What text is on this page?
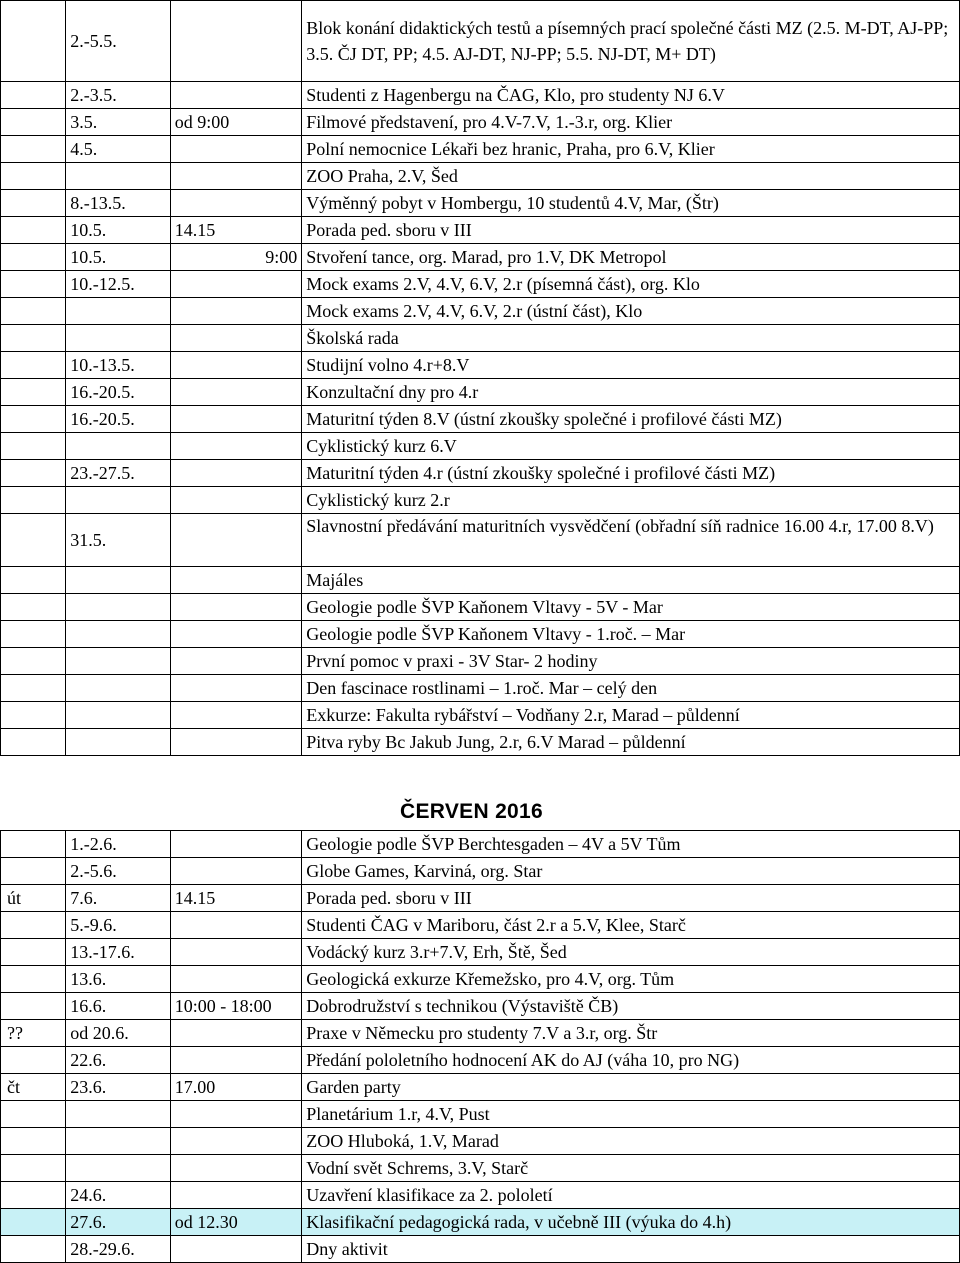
	2.-5.5.		Blok konání didaktických testů a písemných prací společné části MZ (2.5. M-DT, AJ-PP; 3.5. ČJ DT, PP; 4.5. AJ-DT, NJ-PP; 5.5. NJ-DT, M+ DT)
	2.-3.5.		Studenti z Hagenbergu na ČAG, Klo, pro studenty NJ 6.V
	3.5.	od 9:00	Filmové představení, pro 4.V-7.V, 1.-3.r, org. Klier
	4.5.		Polní nemocnice Lékaři bez hranic, Praha, pro 6.V, Klier
			ZOO Praha, 2.V, Šed
	8.-13.5.		Výměnný pobyt v Hombergu, 10 studentů 4.V, Mar, (Štr)
	10.5.	14.15	Porada ped. sboru v III
	10.5.	9:00	Stvoření tance, org. Marad, pro 1.V, DK Metropol
	10.-12.5.		Mock exams 2.V, 4.V, 6.V, 2.r (písemná část), org. Klo
			Mock exams 2.V, 4.V, 6.V, 2.r (ústní část), Klo
			Školská rada
	10.-13.5.		Studijní volno 4.r+8.V
	16.-20.5.		Konzultační dny pro 4.r
	16.-20.5.		Maturitní týden 8.V (ústní zkoušky společné i profilové části MZ)
			Cyklistický kurz 6.V
	23.-27.5.		Maturitní týden 4.r (ústní zkoušky společné i profilové části MZ)
			Cyklistický kurz 2.r
	31.5.		Slavnostní předávání maturitních vysvědčení (obřadní síň radnice 16.00 4.r, 17.00 8.V)
			Majáles
			Geologie podle ŠVP Kaňonem Vltavy - 5V - Mar
			Geologie podle ŠVP Kaňonem Vltavy - 1.roč. – Mar
			První pomoc v praxi - 3V Star- 2 hodiny
			Den fascinace rostlinami – 1.roč. Mar – celý den
			Exkurze: Fakulta rybářství – Vodňany 2.r, Marad – půldenní
			Pitva ryby Bc Jakub Jung, 2.r, 6.V Marad – půldenní
ČERVEN 2016
	1.-2.6.		Geologie podle ŠVP Berchtesgaden – 4V a 5V Tům
	2.-5.6.		Globe Games, Karviná, org. Star
út	7.6.	14.15	Porada ped. sboru v III
	5.-9.6.		Studenti ČAG v Mariboru, část 2.r a 5.V, Klee, Starč
	13.-17.6.		Vodácký kurz 3.r+7.V, Erh, Ště, Šed
	13.6.		Geologická exkurze Křemežsko, pro 4.V, org. Tům
	16.6.	10:00 - 18:00	Dobrodružství s technikou (Výstaviště ČB)
??	od 20.6.		Praxe v Německu pro studenty 7.V a 3.r, org. Štr
	22.6.		Předání pololetního hodnocení AK do AJ (váha 10, pro NG)
čt	23.6.	17.00	Garden party
			Planetárium 1.r, 4.V, Pust
			ZOO Hluboká, 1.V, Marad
			Vodní svět Schrems, 3.V, Starč
	24.6.		Uzavření klasifikace za 2. pololetí
	27.6.	od 12.30	Klasifikační pedagogická rada, v učebně III (výuka do 4.h)
	28.-29.6.		Dny aktivit
